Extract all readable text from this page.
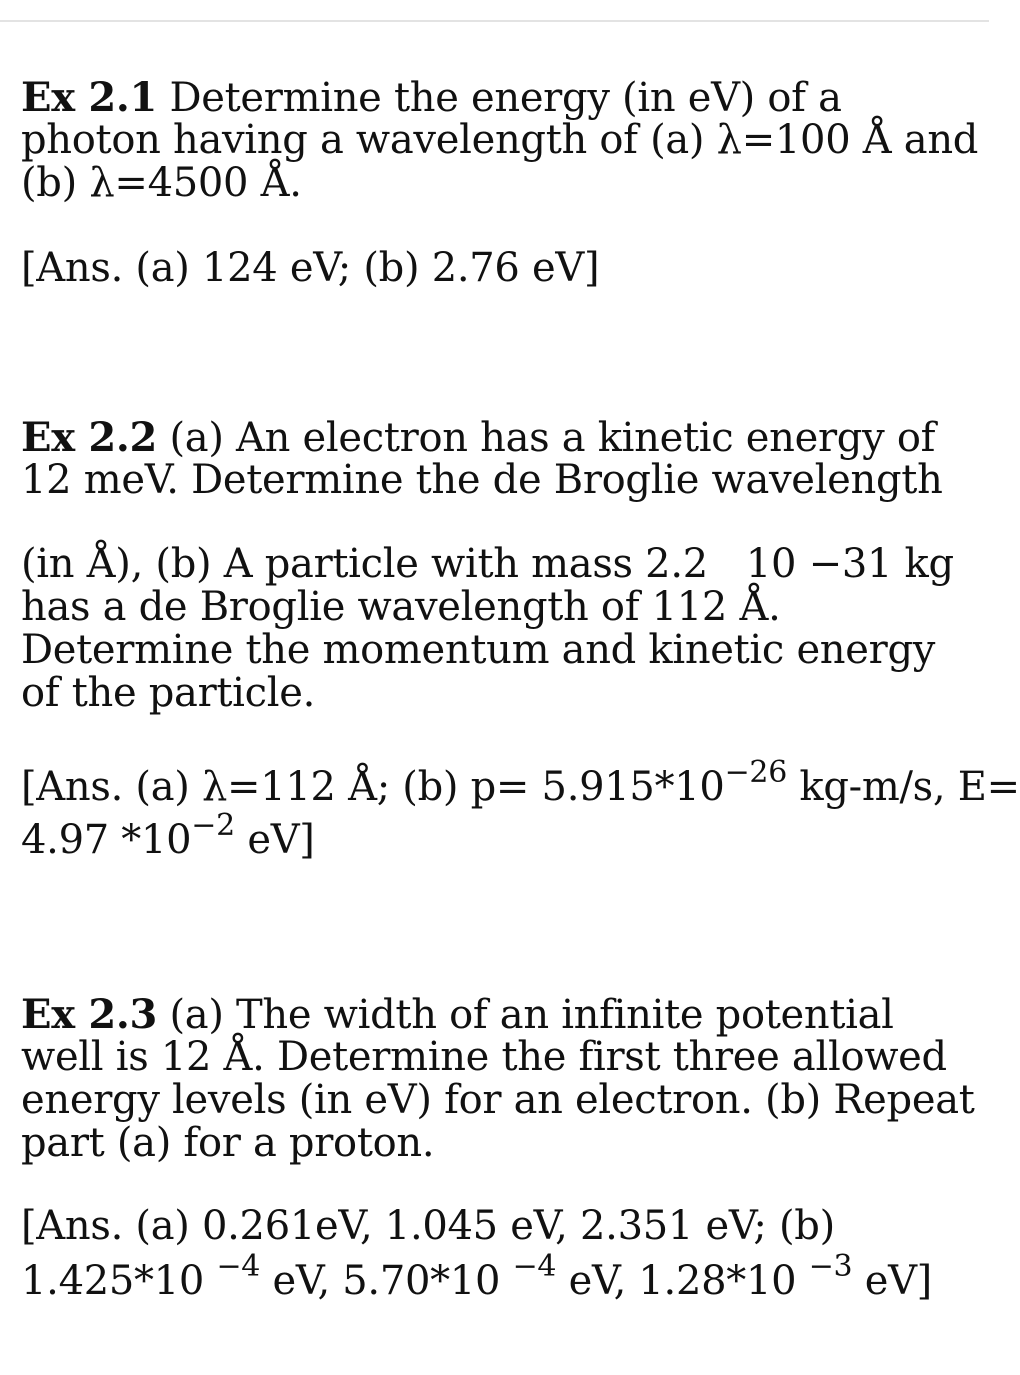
Ex 2.1 Determine the energy (in eV) of a
photon having a wavelength of (a) λ=100 Å and
(b) λ=4500 Å.
[Ans. (a) 124 eV; (b) 2.76 eV]
Ex 2.2 (a) An electron has a kinetic energy of
12 meV. Determine the de Broglie wavelength
(in Å), (b) A particle with mass 2.2 10 −31 kg
has a de Broglie wavelength of 112 Å.
Determine the momentum and kinetic energy
of the particle.
[Ans. (a) λ=112 Å; (b) $p= 5.915*10^{-26}$ kg-m/s, E=
4.97 $*10^{-2}$ eV]
Ex 2.3 (a) The width of an infinite potential
well is 12 Å. Determine the first three allowed
energy levels (in eV) for an electron. (b) Repeat
part (a) for a proton.
[Ans. (a) 0.261eV, 1.045 eV, 2.351 eV; (b)
1.425*10 $^{-4}$ eV, 5.70*10 $^{-4}$ eV, 1.28*10 $^{-3}$ eV]
